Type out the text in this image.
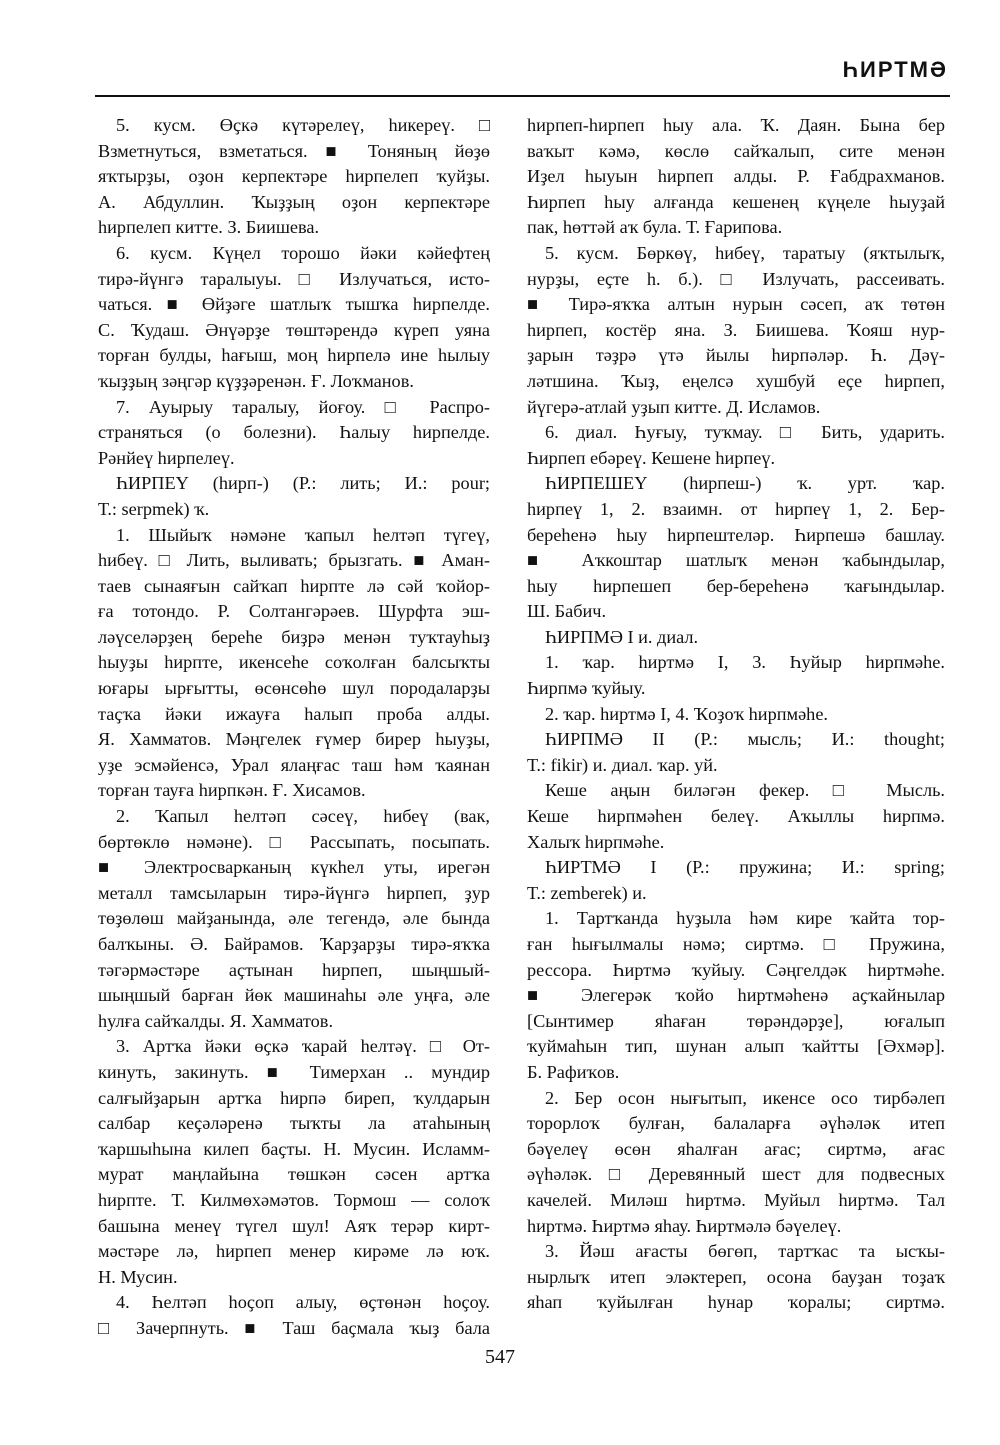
ҺИРТМӘ
5. кусм. Өҫкә күтәрелеү, һикереү. □
Взметнуться, взметаться. ■ Тоняның йөҙө
яҡтырҙы, оҙон керпектәре һирпелеп ҡуйҙы.
А. Абдуллин. Ҡыҙҙың оҙон керпектәре
һирпелеп китте. З. Биишева.
6. кусм. Күңел торошо йәки кәйефтең
тирә-йүнгә таралыуы. □ Излучаться, исто-
чаться. ■ Өйҙәге шатлыҡ тышҡа һирпелде.
С. Ҡудаш. Әнүәрҙе төштәрендә күреп уяна
торған булды, һағыш, моң һирпелә ине һылыу
ҡыҙҙың зәңгәр күҙҙәренән. Ғ. Лоҡманов.
7. Ауырыу таралыу, йоғоу. □ Распро-
страняться (о болезни). Һалыу һирпелде.
Рәнйеү һирпелеү.
ҺИРПЕҮ (һирп-) (Р.: лить; И.: pour;
Т.: serpmek) ҡ.
1. Шыйыҡ нәмәне ҡапыл һелтәп түгеү,
һибеү. □ Лить, выливать; брызгать. ■ Аман-
таев сынаяғын сайҡап һирпте лә сәй ҡойор-
ға тотондо. Р. Солтангәрәев. Шурфта эш-
ләүселәрҙең береһе биҙрә менән туҡтауһыҙ
һыуҙы һирпте, икенсеһе соҡолған балсыҡты
юғары ырғытты, өсөнсөһө шул породаларҙы
таҫҡа йәки ижауға һалып проба алды.
Я. Хамматов. Мәңгелек ғүмер бирер һыуҙы,
уҙе эсмәйенсә, Урал ялаңғас таш һәм ҡаянан
торған тауға һирпкән. Ғ. Хисамов.
2. Ҡапыл һелтәп сәсеү, һибеү (вак,
бөртөклө нәмәне). □ Рассыпать, посыпать.
■ Электросварканың күкһел уты, ирегән
металл тамсыларын тирә-йүнгә һирпеп, ҙур
төҙөлөш майҙанында, әле тегендә, әле бында
балҡыны. Ә. Байрамов. Ҡарҙарҙы тирә-яҡҡа
тәгәрмәстәре аҫтынан һирпеп, шыңшый-
шыңшый барған йөк машинаһы әле уңға, әле
һулға сайҡалды. Я. Хамматов.
3. Артҡа йәки өҫкә ҡарай һелтәү. □ От-
кинуть, закинуть. ■ Тимерхан .. мундир
салғыйҙарын артҡа һирпә биреп, ҡулдарын
салбар кеҫәләренә тыҡты ла атаһының
ҡаршыһына килеп баҫты. Н. Мусин. Исламм-
мурат маңлайына төшкән сәсен артҡа
һирпте. Т. Килмөхәмәтов. Тормош — солоҡ
башына менеү түгел шул! Аяҡ терәр кирт-
мәстәре лә, һирпеп менер кирәме лә юҡ.
Н. Мусин.
4. Һелтәп һоҫоп алыу, өҫтөнән һоҫоу.
□ Зачерпнуть. ■ Таш баҫмала ҡыҙ бала
һирпеп-һирпеп һыу ала. Ҡ. Даян. Бына бер
ваҡыт кәмә, көслө сайҡалып, сите менән
Иҙел һыуын һирпеп алды. Р. Ғабдрахманов.
Һирпеп һыу алғанда кешенең күңеле һыуҙай
пак, һөттәй аҡ була. Т. Ғарипова.
5. кусм. Бөркөү, һибеү, таратыу (яҡтылыҡ,
нурҙы, еҫте һ. б.). □ Излучать, рассеивать.
■ Тирә-яҡҡа алтын нурын сәсеп, аҡ төтөн
һирпеп, костёр яна. З. Биишева. Ҡояш нур-
ҙарын тәҙрә үтә йылы һирпәләр. Һ. Дәү-
ләтшина. Ҡыҙ, еңелсә хушбуй еҫе һирпеп,
йүгерә-атлай уҙып китте. Д. Исламов.
6. диал. Һуғыу, туҡмау. □ Бить, ударить.
Һирпеп ебәреү. Кешене һирпеү.
ҺИРПЕШЕҮ (һирпеш-) ҡ. урт. ҡар.
һирпеү 1, 2. взаимн. от һирпеү 1, 2. Бер-
береһенә һыу һирпештеләр. Һирпешә башлау.
■ Аҡкоштар шатлыҡ менән ҡабындылар,
һыу һирпешеп бер-береһенә ҡағындылар.
Ш. Бабич.
ҺИРПМӘ I и. диал.
1. ҡар. һиртмә I, 3. Һуйыр һирпмәһе.
Һирпмә ҡуйыу.
2. ҡар. һиртмә I, 4. Ҡоҙоҡ һирпмәһе.
ҺИРПМӘ II (Р.: мысль; И.: thought;
Т.: fikir) и. диал. ҡар. уй.
Кеше аңын биләгән фекер. □ Мысль.
Кеше һирпмәһен белеү. Аҡыллы һирпмә.
Халыҡ һирпмәһе.
ҺИРТМӘ I (Р.: пружина; И.: spring;
Т.: zemberek) и.
1. Тартҡанда һуҙыла һәм кире ҡайта тор-
ған һығылмалы нәмә; сиртмә. □ Пружина,
рессора. Һиртмә ҡуйыу. Сәңгелдәк һиртмәһе.
■ Элегерәк ҡойо һиртмәһенә аҫҡайнылар
[Сынтимер яһаған төрәндәрҙе], юғалып
ҡуймаһын тип, шунан алып ҡайтты [Әхмәр].
Б. Рафиҡов.
2. Бер осон нығытып, икенсе осо тирбәлеп
торорлоҡ булған, балаларға әүһәләк итеп
бәүелеү өсөн яһалған ағас; сиртмә, ағас
әүһәләк. □ Деревянный шест для подвесных
качелей. Миләш һиртмә. Муйыл һиртмә. Тал
һиртмә. Һиртмә яһау. Һиртмәлә бәүелеү.
3. Йәш ағасты бөгөп, тартҡас та ысҡы-
нырлыҡ итеп эләктереп, осона бауҙан тоҙаҡ
яһап ҡуйылған һунар ҡоралы; сиртмә.
547
